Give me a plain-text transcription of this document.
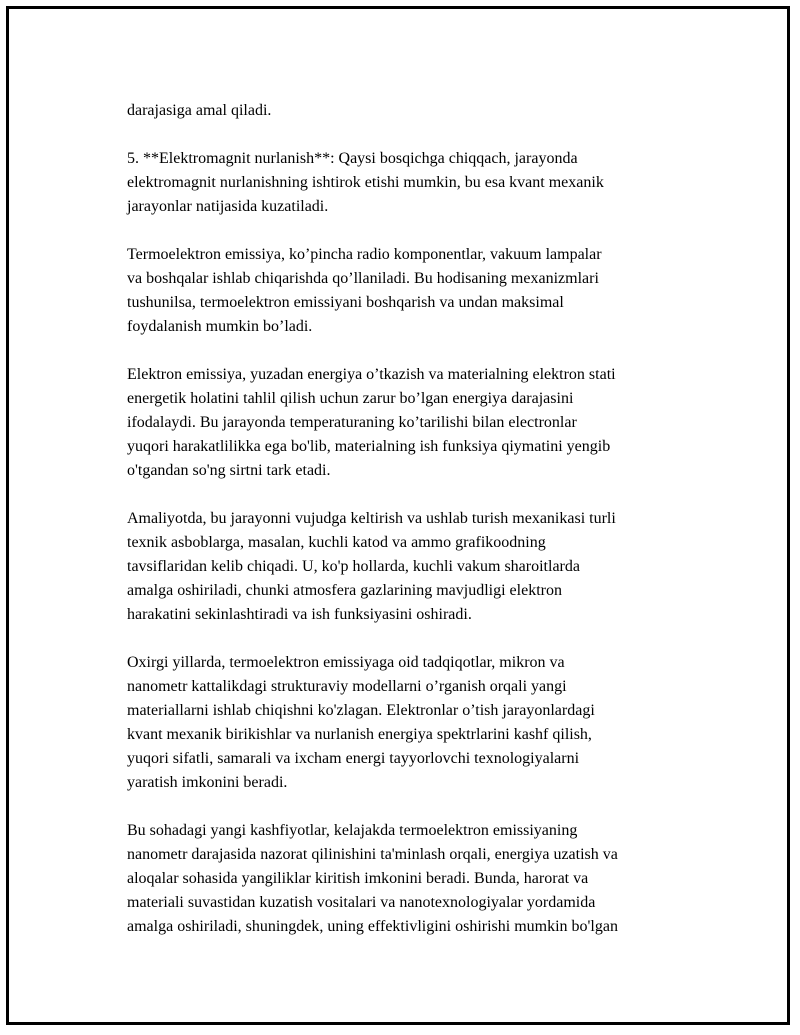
darajasiga amal qiladi.

5. **Elektromagnit nurlanish**: Qaysi bosqichga chiqqach, jarayonda
elektromagnit nurlanishning ishtirok etishi mumkin, bu esa kvant mexanik
jarayonlar natijasida kuzatiladi.

Termoelektron emissiya, ko’pincha radio komponentlar, vakuum lampalar
va boshqalar ishlab chiqarishda qo’llaniladi. Bu hodisaning mexanizmlari
tushunilsa, termoelektron emissiyani boshqarish va undan maksimal
foydalanish mumkin bo’ladi.

Elektron emissiya, yuzadan energiya o’tkazish va materialning elektron stati
energetik holatini tahlil qilish uchun zarur bo’lgan energiya darajasini
ifodalaydi. Bu jarayonda temperaturaning ko’tarilishi bilan electronlar
yuqori harakatlilikka ega bo'lib, materialning ish funksiya qiymatini yengib
o'tgandan so'ng sirtni tark etadi.

Amaliyotda, bu jarayonni vujudga keltirish va ushlab turish mexanikasi turli
texnik asboblarga, masalan, kuchli katod va ammo grafikoodning
tavsiflaridan kelib chiqadi. U, ko'p hollarda, kuchli vakum sharoitlarda
amalga oshiriladi, chunki atmosfera gazlarining mavjudligi elektron
harakatini sekinlashtiradi va ish funksiyasini oshiradi.

Oxirgi yillarda, termoelektron emissiyaga oid tadqiqotlar, mikron va
nanometr kattalikdagi strukturaviy modellarni o’rganish orqali yangi
materiallarni ishlab chiqishni ko'zlagan. Elektronlar o’tish jarayonlardagi
kvant mexanik birikishlar va nurlanish energiya spektrlarini kashf qilish,
yuqori sifatli, samarali va ixcham energi tayyorlovchi texnologiyalarni
yaratish imkonini beradi.

Bu sohadagi yangi kashfiyotlar, kelajakda termoelektron emissiyaning
nanometr darajasida nazorat qilinishini ta'minlash orqali, energiya uzatish va
aloqalar sohasida yangiliklar kiritish imkonini beradi. Bunda, harorat va
materiali suvastidan kuzatish vositalari va nanotexnologiyalar yordamida
amalga oshiriladi, shuningdek, uning effektivligini oshirishi mumkin bo'lgan
